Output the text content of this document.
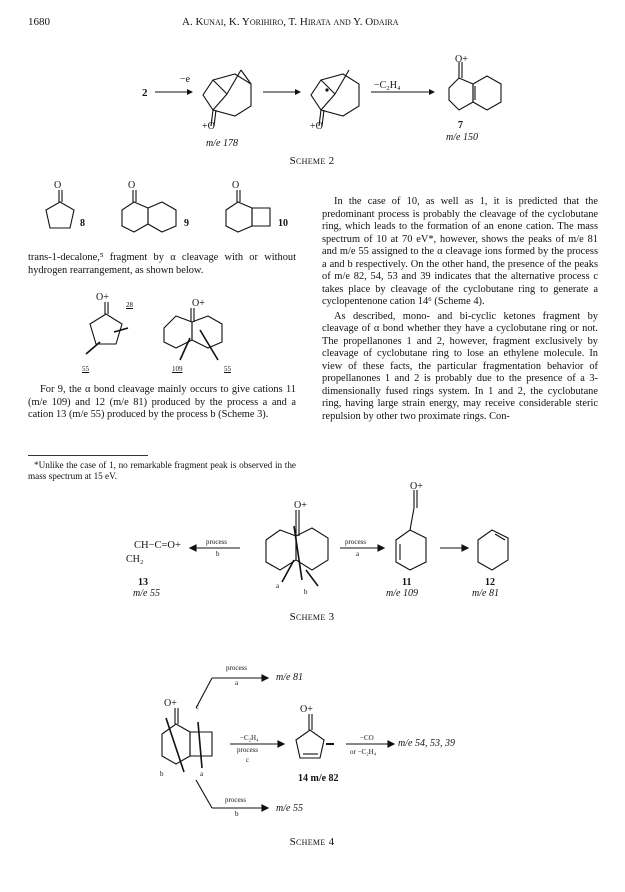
1680	A. Kunai, K. Yorihiro, T. Hirata and Y. Odaira
2
−e
−C₂H₄
+O	+O
O+
m/e 178
7
m/e 150
Scheme 2
O	O	O
8	9	10

trans-1-decalone,⁵ fragment by α cleavage with or without hydrogen rearrangement, as shown below.

O+
O+
28
55	109	55

For 9, the α bond cleavage mainly occurs to give cations 11 (m/e 109) and 12 (m/e 81) produced by the process a and a cation 13 (m/e 55) produced by the process b (Scheme 3).

*Unlike the case of 1, no remarkable fragment peak is observed in the mass spectrum at 15 eV.

In the case of 10, as well as 1, it is predicted that the predominant process is probably the cleavage of the cyclobutane ring, which leads to the formation of an enone cation. The mass spectrum of 10 at 70 eV*, however, shows the peaks of m/e 81 and m/e 55 assigned to the α cleavage ions formed by the process a and b respectively. On the other hand, the presence of the peaks of m/e 82, 54, 53 and 39 indicates that the alternative process c takes place by cleavage of the cyclobutane ring to generate a cyclopentenone cation 14⁶ (Scheme 4).

As described, mono- and bi-cyclic ketones fragment by cleavage of α bond whether they have a cyclobutane ring or not. The propellanones 1 and 2, however, fragment exclusively by cleavage of cyclobutane ring to lose an ethylene molecule. In view of these facts, the particular fragmentation behavior of propellanones 1 and 2 is probably due to the presence of a 3-dimensionally fused rings system. In 1 and 2, the cyclobutane ring, having large strain energy, may receive considerable steric repulsion by other two proximate rings. Con-

CH−C=O+
CH₂
13
m/e 55
process
b
process
a
a
b
O+
O+
11
m/e 109
12
m/e 81
Scheme 3
process
a	m/e 81
−C₂H₄
process
c
−CO
or −C₂H₄
m/e 54, 53, 39
14 m/e 82
process
b	m/e 55
O+
O+
c
b	a
Scheme 4
